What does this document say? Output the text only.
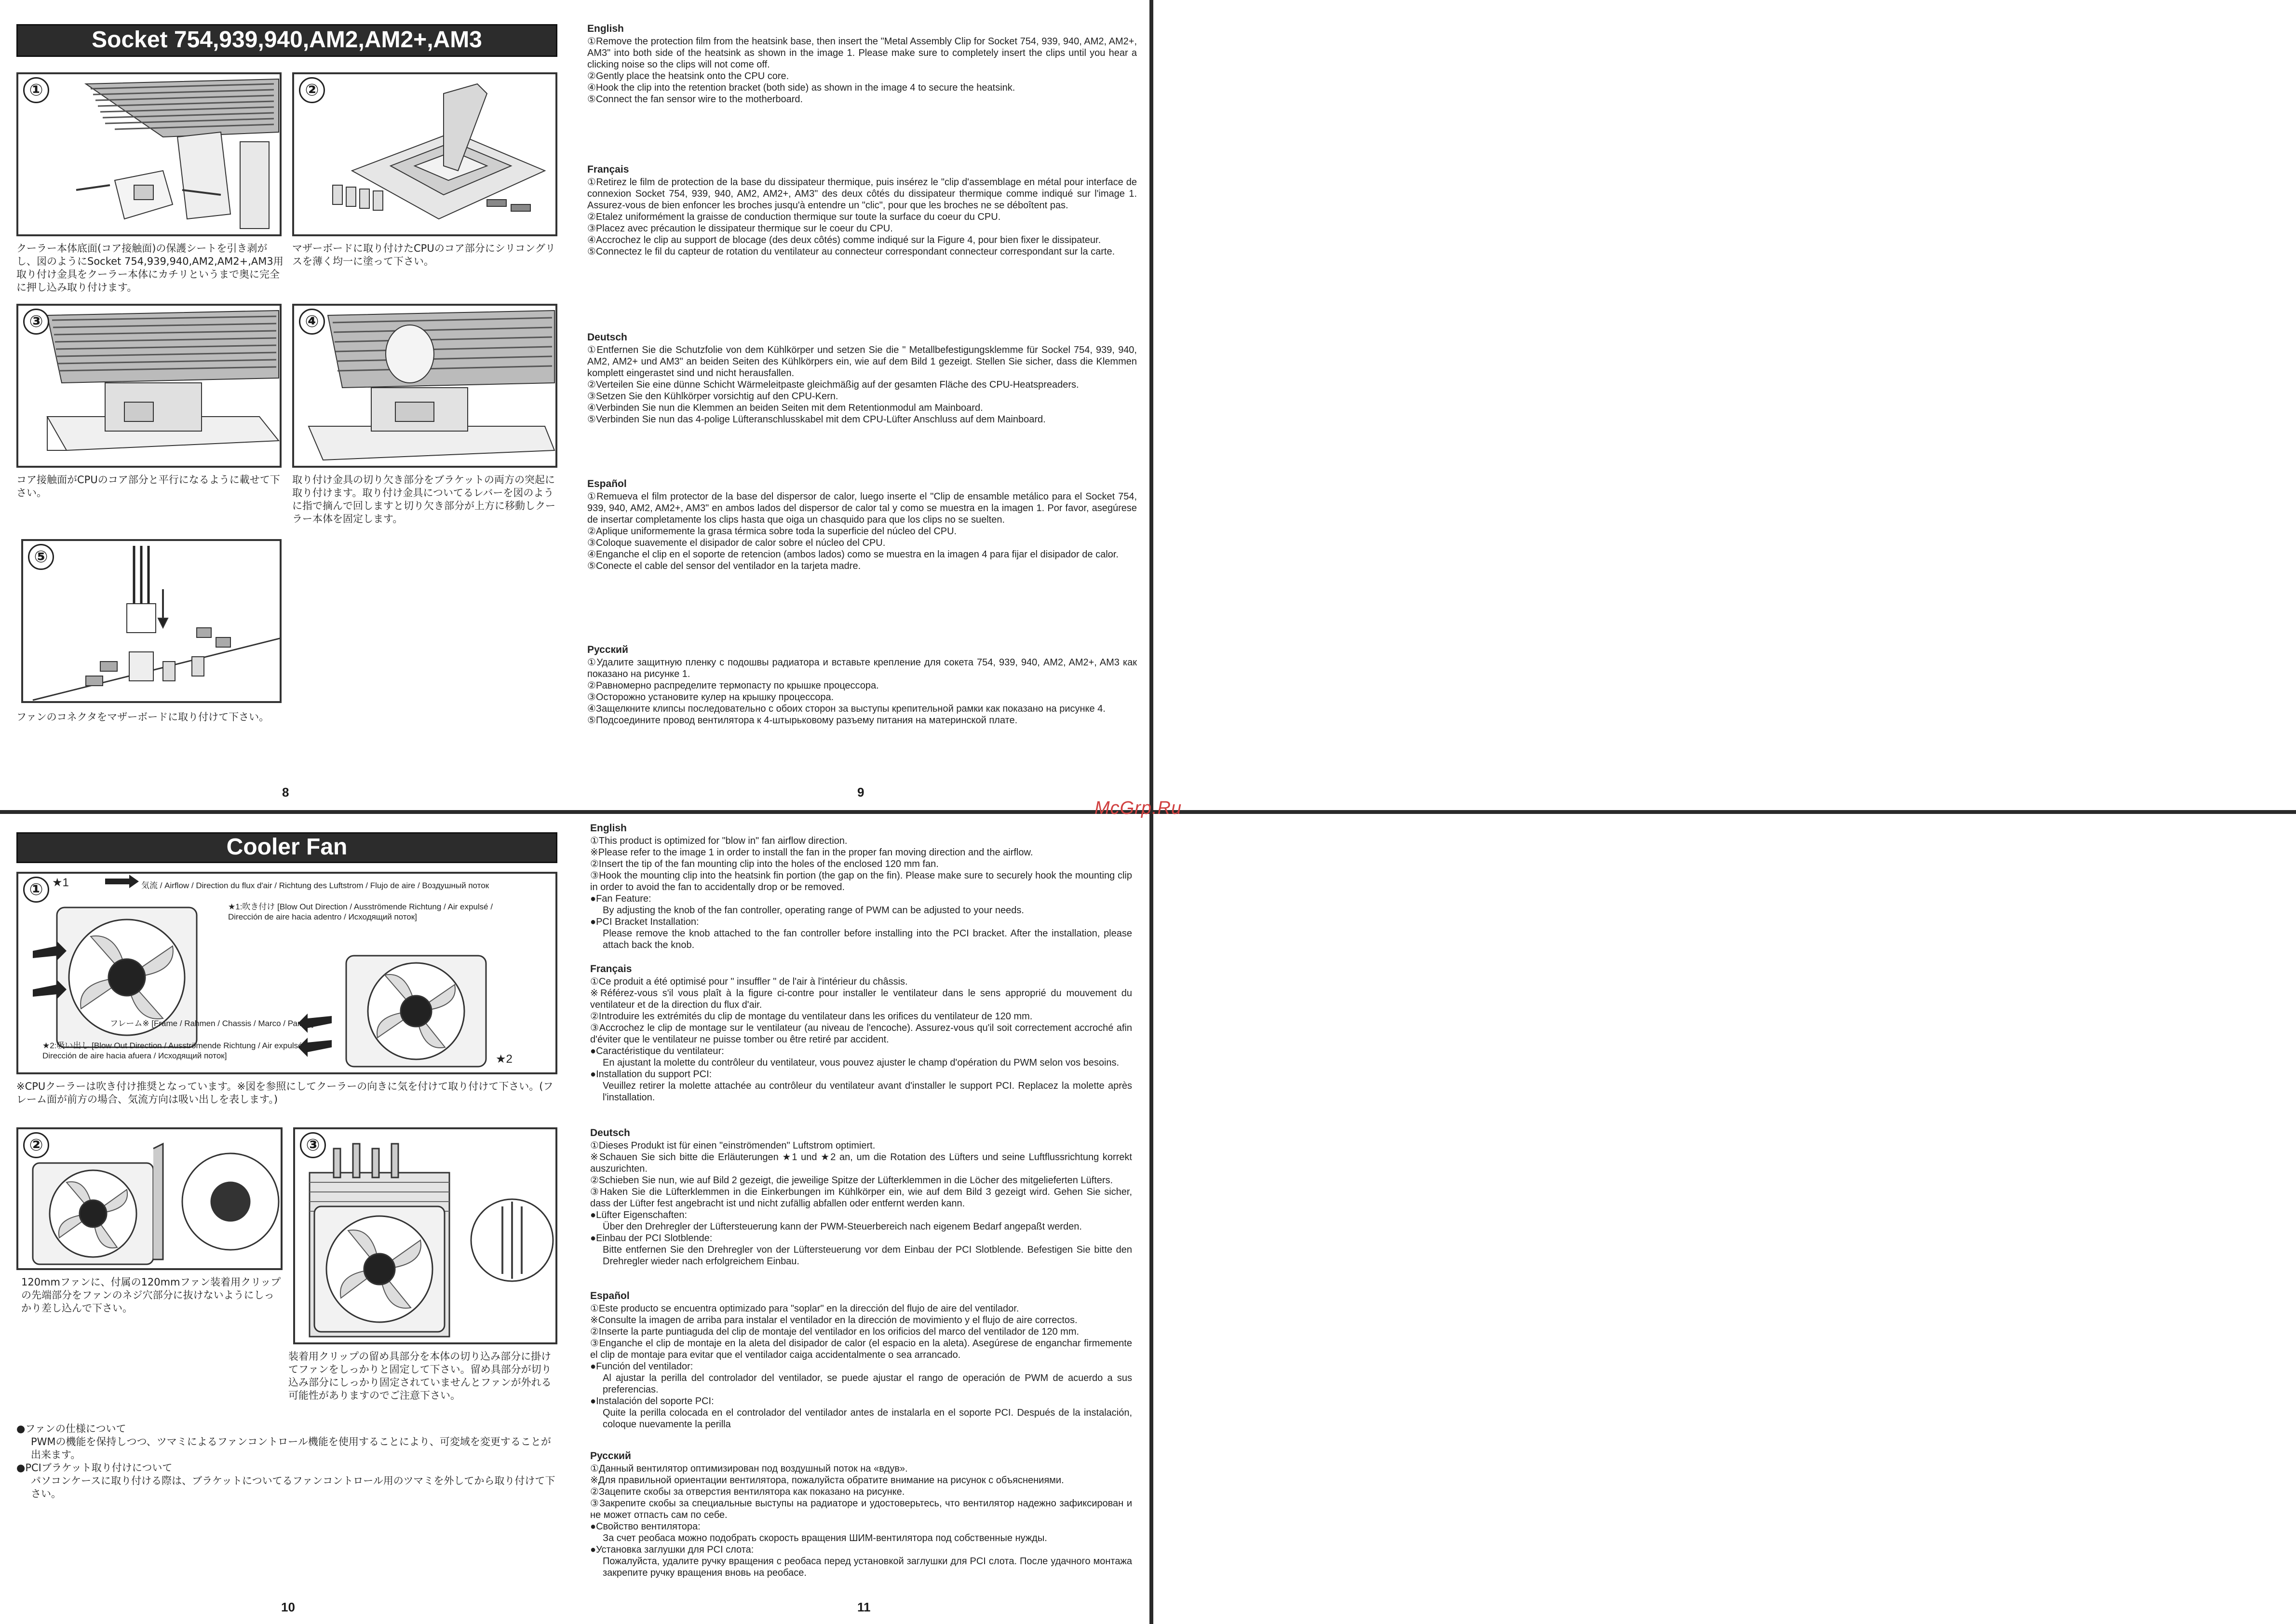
McGrp.Ru
Socket 754,939,940,AM2,AM2+,AM3
①
クーラー本体底面(コア接触面)の保護シートを引き剥がし、図のようにSocket 754,939,940,AM2,AM2+,AM3用取り付け金具をクーラー本体にカチリというまで奥に完全に押し込み取り付けます。
②
マザーボードに取り付けたCPUのコア部分にシリコングリスを薄く均一に塗って下さい。
③
コア接触面がCPUのコア部分と平行になるように載せて下さい。
④
取り付け金具の切り欠き部分をブラケットの両方の突起に取り付けます。取り付け金具についてるレバーを図のように指で摘んで回しますと切り欠き部分が上方に移動しクーラー本体を固定します。
⑤
ファンのコネクタをマザーボードに取り付けて下さい。
8
English

①Remove the protection film from the heatsink base, then insert the "Metal Assembly Clip for Socket 754, 939, 940, AM2, AM2+, AM3" into both side of the heatsink as shown in the image 1. Please make sure to completely insert the clips until you hear a clicking noise so the clips will not come off.

②Gently place the heatsink onto the CPU core.

④Hook the clip into the retention bracket (both side) as shown in the image 4 to secure the heatsink.

⑤Connect the fan sensor wire to the motherboard.

Français

①Retirez le film de protection de la base du dissipateur thermique, puis insérez le "clip d'assemblage en métal pour interface de connexion Socket 754, 939, 940, AM2, AM2+, AM3" des deux côtés du dissipateur thermique comme indiqué sur l'image 1. Assurez-vous de bien enfoncer les broches jusqu'à entendre un "clic", pour que les broches ne se déboîtent pas.

②Etalez uniformément la graisse de conduction thermique sur toute la surface du coeur du CPU.

③Placez avec précaution le dissipateur thermique sur le coeur du CPU.

④Accrochez le clip au support de blocage (des deux côtés) comme indiqué sur la Figure 4, pour bien fixer le dissipateur.

⑤Connectez le fil du capteur de rotation du ventilateur au connecteur correspondant connecteur correspondant sur la carte.

Deutsch

①Entfernen Sie die Schutzfolie von dem Kühlkörper und setzen Sie die " Metallbefestigungsklemme für Sockel 754, 939, 940, AM2, AM2+ und AM3" an beiden Seiten des Kühlkörpers ein, wie auf dem Bild 1 gezeigt. Stellen Sie sicher, dass die Klemmen komplett eingerastet sind und nicht herausfallen.

②Verteilen Sie eine dünne Schicht Wärmeleitpaste gleichmäßig auf der gesamten Fläche des CPU-Heatspreaders.

③Setzen Sie den Kühlkörper vorsichtig auf den CPU-Kern.

④Verbinden Sie nun die Klemmen an beiden Seiten mit dem Retentionmodul am Mainboard.

⑤Verbinden Sie nun das 4-polige Lüfteranschlusskabel mit dem CPU-Lüfter Anschluss auf dem Mainboard.

Español

①Remueva el film protector de la base del dispersor de calor, luego inserte el "Clip de ensamble metálico para el Socket 754, 939, 940, AM2, AM2+, AM3" en ambos lados del dispersor de calor tal y como se muestra en la imagen 1. Por favor, asegúrese de insertar completamente los clips hasta que oiga un chasquido para que los clips no se suelten.

②Aplique uniformemente la grasa térmica sobre toda la superficie del núcleo del CPU.

③Coloque suavemente el disipador de calor sobre el núcleo del CPU.

④Enganche el clip en el soporte de retencion (ambos lados) como se muestra en la imagen 4 para fijar el disipador de calor.

⑤Conecte el cable del sensor del ventilador en la tarjeta madre.

Русский

①Удалите защитную пленку с подошвы радиатора и вставьте крепление для сокета 754, 939, 940, AM2, AM2+, AM3 как показано на рисунке 1.

②Равномерно распределите термопасту по крышке процессора.

③Осторожно установите кулер на крышку процессора.

④Защелкните клипсы последовательно с обоих сторон за выступы крепительной рамки как показано на рисунке 4.

⑤Подсоедините провод вентилятора к 4-штырьковому разъему питания на материнской плате.

9
Cooler Fan
① ★1	気流 / Airflow / Direction du flux d'air / Richtung des Luftstrom / Flujo de aire / Воздушный поток
★1:吹き付け [Blow Out Direction / Ausströmende Richtung / Air expulsé / Dirección de aire hacia adentro / Исходящий поток]
フレーム※ [Frame / Rahmen / Chassis / Marco / Рамка]
★2:吸い出し [Blow Out Direction / Ausströmende Richtung / Air expulsé / Dirección de aire hacia afuera / Исходящий поток]	★2
※CPUクーラーは吹き付け推奨となっています。※図を参照にしてクーラーの向きに気を付けて取り付けて下さい。(フレーム面が前方の場合、気流方向は吸い出しを表します。)
②
120mmファンに、付属の120mmファン装着用クリップの先端部分をファンのネジ穴部分に抜けないようにしっかり差し込んで下さい。
③
装着用クリップの留め具部分を本体の切り込み部分に掛けてファンをしっかりと固定して下さい。留め具部分が切り込み部分にしっかり固定されていませんとファンが外れる可能性がありますのでご注意下さい。

●ファンの仕様について

PWMの機能を保持しつつ、ツマミによるファンコントロール機能を使用することにより、可変域を変更することが出来ます。

●PCIブラケット取り付けについて

パソコンケースに取り付ける際は、ブラケットについてるファンコントロール用のツマミを外してから取り付けて下さい。

10
English

①This product is optimized for "blow in" fan airflow direction.

※Please refer to the image 1 in order to install the fan in the proper fan moving direction and the airflow.

②Insert the tip of the fan mounting clip into the holes of the enclosed 120 mm fan.

③Hook the mounting clip into the heatsink fin portion (the gap on the fin). Please make sure to securely hook the mounting clip in order to avoid the fan to accidentally drop or be removed.

●Fan Feature:

By adjusting the knob of the fan controller, operating range of PWM can be adjusted to your needs.

●PCI Bracket Installation:

Please remove the knob attached to the fan controller before installing into the PCI bracket. After the installation, please attach back the knob.

Français

①Ce produit a été optimisé pour " insuffler " de l'air à l'intérieur du châssis.

※Référez-vous s'il vous plaît à la figure ci-contre pour installer le ventilateur dans le sens approprié du mouvement du ventilateur et de la direction du flux d'air.

②Introduire les extrémités du clip de montage du ventilateur dans les orifices du ventilateur de 120 mm.

③Accrochez le clip de montage sur le ventilateur (au niveau de l'encoche). Assurez-vous qu'il soit correctement accroché afin d'éviter que le ventilateur ne puisse tomber ou être retiré par accident.

●Caractéristique du ventilateur:

En ajustant la molette du contrôleur du ventilateur, vous pouvez ajuster le champ d'opération du PWM selon vos besoins.

●Installation du support PCI:

Veuillez retirer la molette attachée au contrôleur du ventilateur avant d'installer le support PCI. Replacez la molette après l'installation.

Deutsch

①Dieses Produkt ist für einen "einströmenden" Luftstrom optimiert.

※Schauen Sie sich bitte die Erläuterungen ★1 und ★2 an, um die Rotation des Lüfters und seine Luftflussrichtung korrekt auszurichten.

②Schieben Sie nun, wie auf Bild 2 gezeigt, die jeweilige Spitze der Lüfterklemmen in die Löcher des mitgelieferten Lüfters.

③Haken Sie die Lüfterklemmen in die Einkerbungen im Kühlkörper ein, wie auf dem Bild 3 gezeigt wird. Gehen Sie sicher, dass der Lüfter fest angebracht ist und nicht zufällig abfallen oder entfernt werden kann.

●Lüfter Eigenschaften:

Über den Drehregler der Lüftersteuerung kann der PWM-Steuerbereich nach eigenem Bedarf angepaßt werden.

●Einbau der PCI Slotblende:

Bitte entfernen Sie den Drehregler von der Lüftersteuerung vor dem Einbau der PCI Slotblende. Befestigen Sie bitte den Drehregler wieder nach erfolgreichem Einbau.

Español

①Este producto se encuentra optimizado para "soplar" en la dirección del flujo de aire del ventilador.

※Consulte la imagen de arriba para instalar el ventilador en la dirección de movimiento y el flujo de aire correctos.

②Inserte la parte puntiaguda del clip de montaje del ventilador en los orificios del marco del ventilador de 120 mm.

③Enganche el clip de montaje en la aleta del disipador de calor (el espacio en la aleta). Asegúrese de enganchar firmemente el clip de montaje para evitar que el ventilador caiga accidentalmente o sea arrancado.

●Función del ventilador:

Al ajustar la perilla del controlador del ventilador, se puede ajustar el rango de operación de PWM de acuerdo a sus preferencias.

●Instalación del soporte PCI:

Quite la perilla colocada en el controlador del ventilador antes de instalarla en el soporte PCI. Después de la instalación, coloque nuevamente la perilla

Русский

①Данный вентилятор оптимизирован под воздушный поток на «вдув».

※Для правильной ориентации вентилятора, пожалуйста обратите внимание на рисунок с объяснениями.

②Зацепите скобы за отверстия вентилятора как показано на рисунке.

③Закрепите скобы за специальные выступы на радиаторе и удостоверьтесь, что вентилятор надежно зафиксирован и не может отпасть сам по себе.

●Свойство вентилятора:

За счет реобаса можно подобрать скорость вращения ШИМ-вентилятора под собственные нужды.

●Установка заглушки для PCI слота:

Пожалуйста, удалите ручку вращения с реобаса перед установкой заглушки для PCI слота. После удачного монтажа закрепите ручку вращения вновь на реобасе.

11
